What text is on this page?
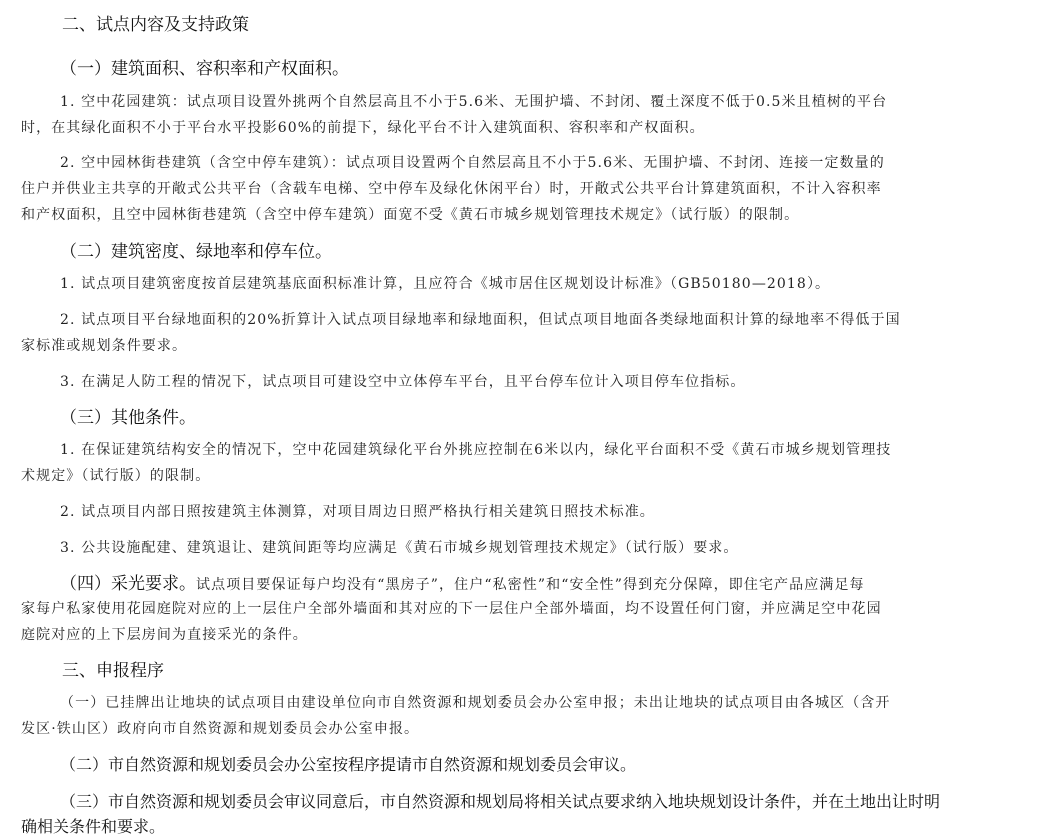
二、试点内容及支持政策
（一）建筑面积、容积率和产权面积。
1. 空中花园建筑：试点项目设置外挑两个自然层高且不小于5.6米、无围护墙、不封闭、覆土深度不低于0.5米且植树的平台
时，在其绿化面积不小于平台水平投影60%的前提下，绿化平台不计入建筑面积、容积率和产权面积。
2. 空中园林街巷建筑（含空中停车建筑）：试点项目设置两个自然层高且不小于5.6米、无围护墙、不封闭、连接一定数量的
住户并供业主共享的开敞式公共平台（含载车电梯、空中停车及绿化休闲平台）时，开敞式公共平台计算建筑面积，不计入容积率
和产权面积，且空中园林街巷建筑（含空中停车建筑）面宽不受《黄石市城乡规划管理技术规定》（试行版）的限制。
（二）建筑密度、绿地率和停车位。
1. 试点项目建筑密度按首层建筑基底面积标准计算，且应符合《城市居住区规划设计标准》（GB50180—2018）。
2. 试点项目平台绿地面积的20%折算计入试点项目绿地率和绿地面积，但试点项目地面各类绿地面积计算的绿地率不得低于国
家标准或规划条件要求。
3. 在满足人防工程的情况下，试点项目可建设空中立体停车平台，且平台停车位计入项目停车位指标。
（三）其他条件。
1. 在保证建筑结构安全的情况下，空中花园建筑绿化平台外挑应控制在6米以内，绿化平台面积不受《黄石市城乡规划管理技
术规定》（试行版）的限制。
2. 试点项目内部日照按建筑主体测算，对项目周边日照严格执行相关建筑日照技术标准。
3. 公共设施配建、建筑退让、建筑间距等均应满足《黄石市城乡规划管理技术规定》（试行版）要求。
（四）采光要求。试点项目要保证每户均没有“黑房子”，住户“私密性”和“安全性”得到充分保障，即住宅产品应满足每
家每户私家使用花园庭院对应的上一层住户全部外墙面和其对应的下一层住户全部外墙面，均不设置任何门窗，并应满足空中花园
庭院对应的上下层房间为直接采光的条件。
三、申报程序
（一）已挂牌出让地块的试点项目由建设单位向市自然资源和规划委员会办公室申报；未出让地块的试点项目由各城区（含开
发区·铁山区）政府向市自然资源和规划委员会办公室申报。
（二）市自然资源和规划委员会办公室按程序提请市自然资源和规划委员会审议。
（三）市自然资源和规划委员会审议同意后，市自然资源和规划局将相关试点要求纳入地块规划设计条件，并在土地出让时明
确相关条件和要求。
